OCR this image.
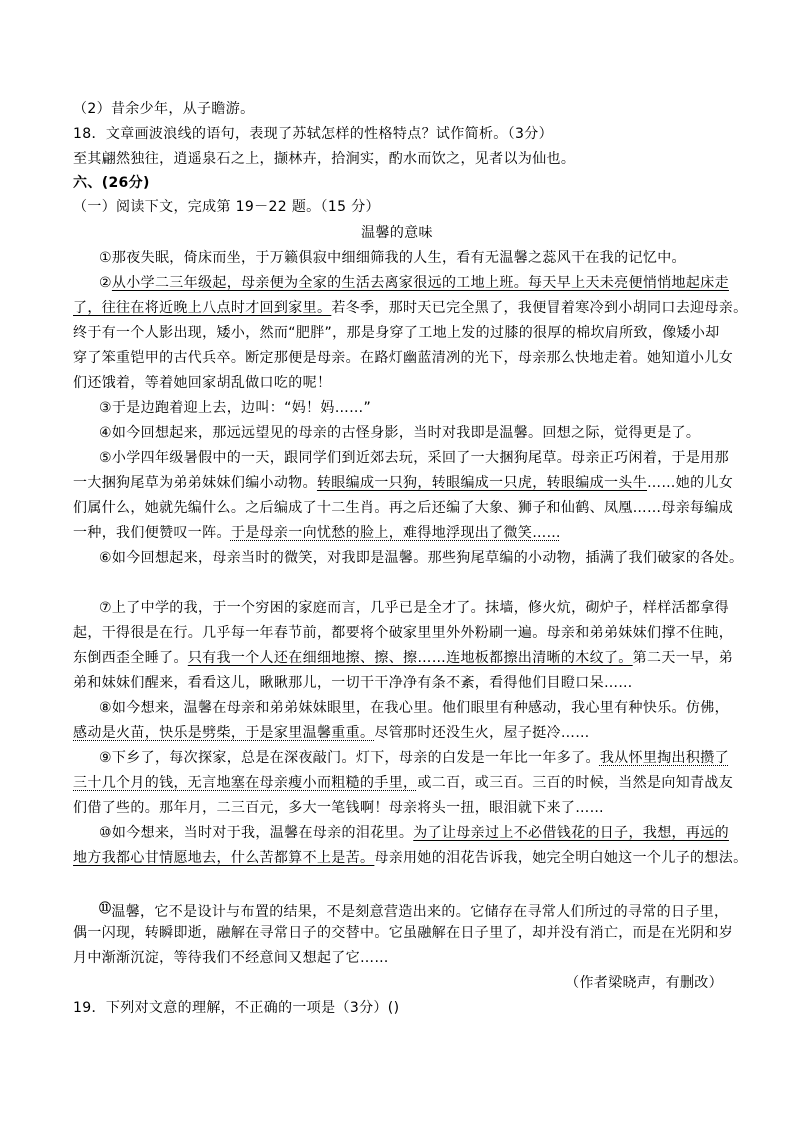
（2）昔余少年，从子瞻游。
18．文章画波浪线的语句，表现了苏轼怎样的性格特点？试作简析。（3分）
至其翩然独往，逍遥泉石之上，撷林卉，拾涧实，酌水而饮之，见者以为仙也。
六、(26分)
（一）阅读下文，完成第 19－22 题。（15 分）
温馨的意味
①那夜失眠，倚床而坐，于万籁俱寂中细细筛我的人生，看有无温馨之蕊风干在我的记忆中。
②从小学二三年级起，母亲便为全家的生活去离家很远的工地上班。每天早上天未亮便悄悄地起床走
了，往往在将近晚上八点时才回到家里。若冬季，那时天已完全黑了，我便冒着寒冷到小胡同口去迎母亲。
终于有一个人影出现，矮小，然而“肥胖”，那是身穿了工地上发的过膝的很厚的棉坎肩所致，像矮小却
穿了笨重铠甲的古代兵卒。断定那便是母亲。在路灯幽蓝清冽的光下，母亲那么快地走着。她知道小儿女
们还饿着，等着她回家胡乱做口吃的呢！
③于是边跑着迎上去，边叫：“妈！妈……”
④如今回想起来，那远远望见的母亲的古怪身影，当时对我即是温馨。回想之际，觉得更是了。
⑤小学四年级暑假中的一天，跟同学们到近郊去玩，采回了一大捆狗尾草。母亲正巧闲着，于是用那
一大捆狗尾草为弟弟妹妹们编小动物。转眼编成一只狗，转眼编成一只虎，转眼编成一头牛……她的儿女
们属什么，她就先编什么。之后编成了十二生肖。再之后还编了大象、狮子和仙鹤、凤凰……母亲每编成
一种，我们便赞叹一阵。于是母亲一向忧愁的脸上，难得地浮现出了微笑……
⑥如今回想起来，母亲当时的微笑，对我即是温馨。那些狗尾草编的小动物，插满了我们破家的各处。
⑦上了中学的我，于一个穷困的家庭而言，几乎已是全才了。抹墙，修火炕，砌炉子，样样活都拿得
起，干得很是在行。几乎每一年春节前，都要将个破家里里外外粉刷一遍。母亲和弟弟妹妹们撑不住盹，
东倒西歪全睡了。只有我一个人还在细细地擦、擦、擦……连地板都擦出清晰的木纹了。第二天一早，弟
弟和妹妹们醒来，看看这儿，瞅瞅那儿，一切干干净净有条不紊，看得他们目瞪口呆……
⑧如今想来，温馨在母亲和弟弟妹妹眼里，在我心里。他们眼里有种感动，我心里有种快乐。仿佛，
感动是火苗，快乐是劈柴，于是家里温馨重重。尽管那时还没生火，屋子挺冷……
⑨下乡了，每次探家，总是在深夜敲门。灯下，母亲的白发是一年比一年多了。我从怀里掏出积攒了
三十几个月的钱，无言地塞在母亲瘦小而粗糙的手里，或二百，或三百。三百的时候，当然是向知青战友
们借了些的。那年月，二三百元，多大一笔钱啊！母亲将头一扭，眼泪就下来了……
⑩如今想来，当时对于我，温馨在母亲的泪花里。为了让母亲过上不必借钱花的日子，我想，再远的
地方我都心甘情愿地去，什么苦都算不上是苦。母亲用她的泪花告诉我，她完全明白她这一个儿子的想法。
⑪温馨，它不是设计与布置的结果，不是刻意营造出来的。它储存在寻常人们所过的寻常的日子里，
偶一闪现，转瞬即逝，融解在寻常日子的交替中。它虽融解在日子里了，却并没有消亡，而是在光阴和岁
月中渐渐沉淀，等待我们不经意间又想起了它……
（作者梁晓声，有删改）
19．下列对文意的理解，不正确的一项是（3分）()
